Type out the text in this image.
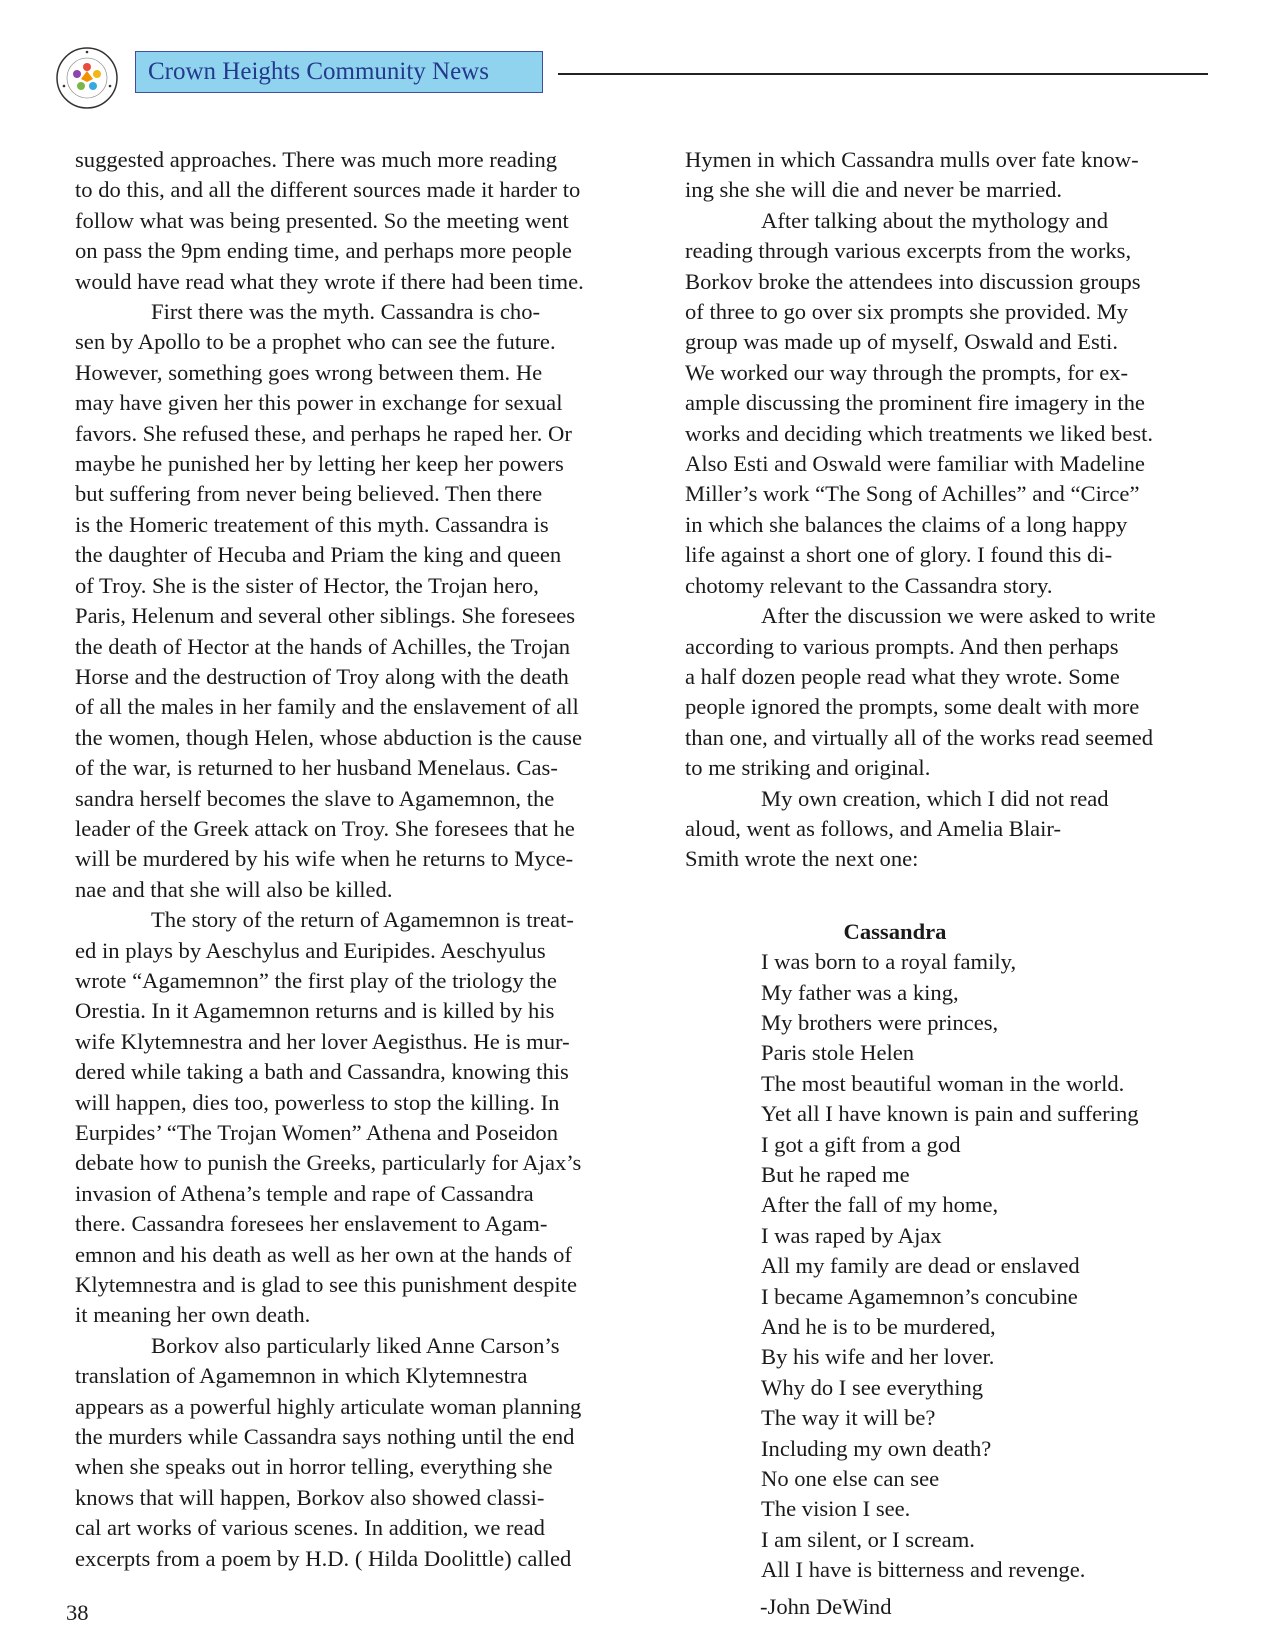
Crown Heights Community News

suggested approaches. There was much more reading
to do this, and all the different sources made it harder to
follow what was being presented. So the meeting went
on pass the 9pm ending time, and perhaps more people
would have read what they wrote if there had been time.

First there was the myth. Cassandra is cho-
sen by Apollo to be a prophet who can see the future.
However, something goes wrong between them. He
may have given her this power in exchange for sexual
favors. She refused these, and perhaps he raped her. Or
maybe he punished her by letting her keep her powers
but suffering from never being believed. Then there
is the Homeric treatement of this myth. Cassandra is
the daughter of Hecuba and Priam the king and queen
of Troy. She is the sister of Hector, the Trojan hero,
Paris, Helenum and several other siblings. She foresees
the death of Hector at the hands of Achilles, the Trojan
Horse and the destruction of Troy along with the death
of all the males in her family and the enslavement of all
the women, though Helen, whose abduction is the cause
of the war, is returned to her husband Menelaus. Cas-
sandra herself becomes the slave to Agamemnon, the
leader of the Greek attack on Troy. She foresees that he
will be murdered by his wife when he returns to Myce-
nae and that she will also be killed.

The story of the return of Agamemnon is treat-
ed in plays by Aeschylus and Euripides. Aeschyulus
wrote “Agamemnon” the first play of the triology the
Orestia. In it Agamemnon returns and is killed by his
wife Klytemnestra and her lover Aegisthus. He is mur-
dered while taking a bath and Cassandra, knowing this
will happen, dies too, powerless to stop the killing. In
Eurpides’ “The Trojan Women” Athena and Poseidon
debate how to punish the Greeks, particularly for Ajax’s
invasion of Athena’s temple and rape of Cassandra
there. Cassandra foresees her enslavement to Agam-
emnon and his death as well as her own at the hands of
Klytemnestra and is glad to see this punishment despite
it meaning her own death.

Borkov also particularly liked Anne Carson’s
translation of Agamemnon in which Klytemnestra
appears as a powerful highly articulate woman planning
the murders while Cassandra says nothing until the end
when she speaks out in horror telling, everything she
knows that will happen, Borkov also showed classi-
cal art works of various scenes. In addition, we read
excerpts from a poem by H.D. ( Hilda Doolittle) called

Hymen in which Cassandra mulls over fate know-
ing she she will die and never be married.

After talking about the mythology and
reading through various excerpts from the works,
Borkov broke the attendees into discussion groups
of three to go over six prompts she provided. My
group was made up of myself, Oswald and Esti.
We worked our way through the prompts, for ex-
ample discussing the prominent fire imagery in the
works and deciding which treatments we liked best.
Also Esti and Oswald were familiar with Madeline
Miller’s work “The Song of Achilles” and “Circe”
in which she balances the claims of a long happy
life against a short one of glory. I found this di-
chotomy relevant to the Cassandra story.

After the discussion we were asked to write
according to various prompts. And then perhaps
a half dozen people read what they wrote. Some
people ignored the prompts, some dealt with more
than one, and virtually all of the works read seemed
to me striking and original.

My own creation, which I did not read
aloud, went as follows, and Amelia Blair-
Smith wrote the next one:

Cassandra
I was born to a royal family,
My father was a king,
My brothers were princes,
Paris stole Helen
The most beautiful woman in the world.
Yet all I have known is pain and suffering
I got a gift from a god
But he raped me
After the fall of my home,
I was raped by Ajax
All my family are dead or enslaved
I became Agamemnon’s concubine
And he is to be murdered,
By his wife and her lover.
Why do I see everything
The way it will be?
Including my own death?
No one else can see
The vision I see.
I am silent, or I scream.
All I have is bitterness and revenge.
-John DeWind
38
